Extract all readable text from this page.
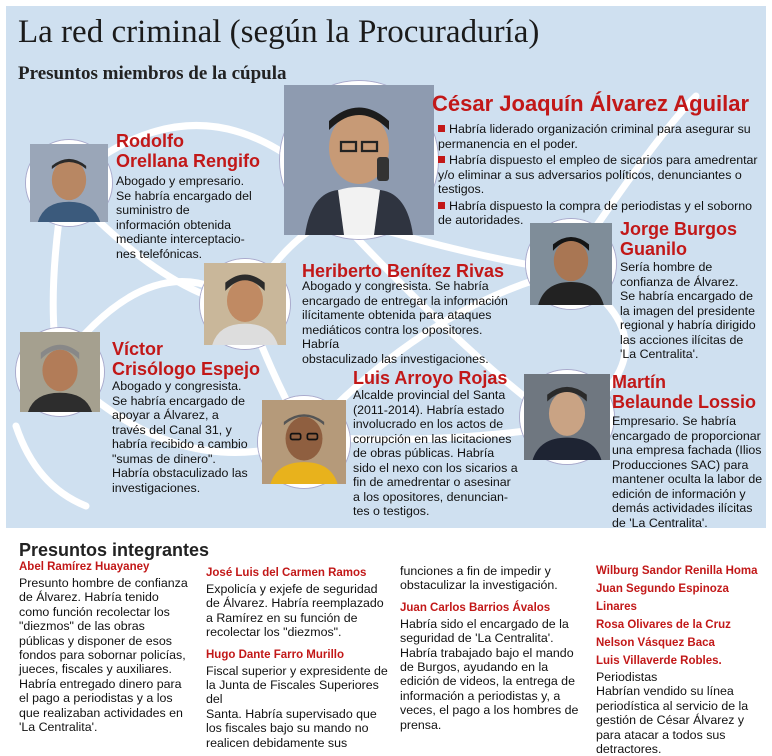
La red criminal (según la Procuraduría)
Presuntos miembros de la cúpula
César Joaquín Álvarez Aguilar
Habría liderado organización criminal para asegurar su permanencia en el poder.
Habría dispuesto el empleo de sicarios para amedrentar y/o eliminar a sus adversarios políticos, denunciantes o testigos.
Habría dispuesto la compra de periodistas y el soborno de autoridades.
Rodolfo
Orellana Rengifo
Abogado y empresario.
Se habría encargado del
suministro de
información obtenida
mediante interceptacio-
nes telefónicas.
Jorge Burgos
Guanilo
Sería hombre de
confianza de Álvarez.
Se habría encargado de
la imagen del presidente
regional y habría dirigido
las acciones ilícitas de
'La Centralita'.
Heriberto Benítez Rivas
Abogado y congresista. Se habría
encargado de entregar la información
ilícitamente obtenida para ataques
mediáticos contra los opositores. Habría
obstaculizado las investigaciones.
Víctor
Crisólogo Espejo
Abogado y congresista.
Se habría encargado de
apoyar a Álvarez, a
través del Canal 31, y
habría recibido a cambio
"sumas de dinero".
Habría obstaculizado las
investigaciones.
Luis Arroyo Rojas
Alcalde provincial del Santa
(2011-2014). Habría estado
involucrado en los actos de
corrupción en las licitaciones
de obras públicas. Habría
sido el nexo con los sicarios a
fin de amedrentar o asesinar
a los opositores, denuncian-
tes o testigos.
Martín
Belaunde Lossio
Empresario. Se habría
encargado de proporcionar
una empresa fachada (Ilios
Producciones SAC) para
mantener oculta la labor de
edición de información y
demás actividades ilícitas
de 'La Centralita'.
Presuntos integrantes
Abel Ramírez Huayaney
Presunto hombre de confianza
de Álvarez. Habría tenido
como función recolectar los
"diezmos" de las obras
públicas y disponer de esos
fondos para sobornar policías,
jueces, fiscales y auxiliares.
Habría entregado dinero para
el pago a periodistas y a los
que realizaban actividades en
'La Centralita'.
José Luis del Carmen Ramos
Expolicía y exjefe de seguridad
de Álvarez. Habría reemplazado
a Ramírez en su función de
recolectar los "diezmos".
Hugo Dante Farro Murillo
Fiscal superior y expresidente de
la Junta de Fiscales Superiores del
Santa. Habría supervisado que
los fiscales bajo su mando no
realicen debidamente sus
funciones a fin de impedir y
obstaculizar la investigación.
Juan Carlos Barrios Ávalos
Habría sido el encargado de la
seguridad de 'La Centralita'.
Habría trabajado bajo el mando
de Burgos, ayudando en la
edición de videos, la entrega de
información a periodistas y, a
veces, el pago a los hombres de
prensa.
Wilburg Sandor Renilla Homa
Juan Segundo Espinoza Linares
Rosa Olivares de la Cruz
Nelson Vásquez Baca
Luis Villaverde Robles.
Periodistas
Habrían vendido su línea
periodística al servicio de la
gestión de César Álvarez y
para atacar a todos sus
detractores.
